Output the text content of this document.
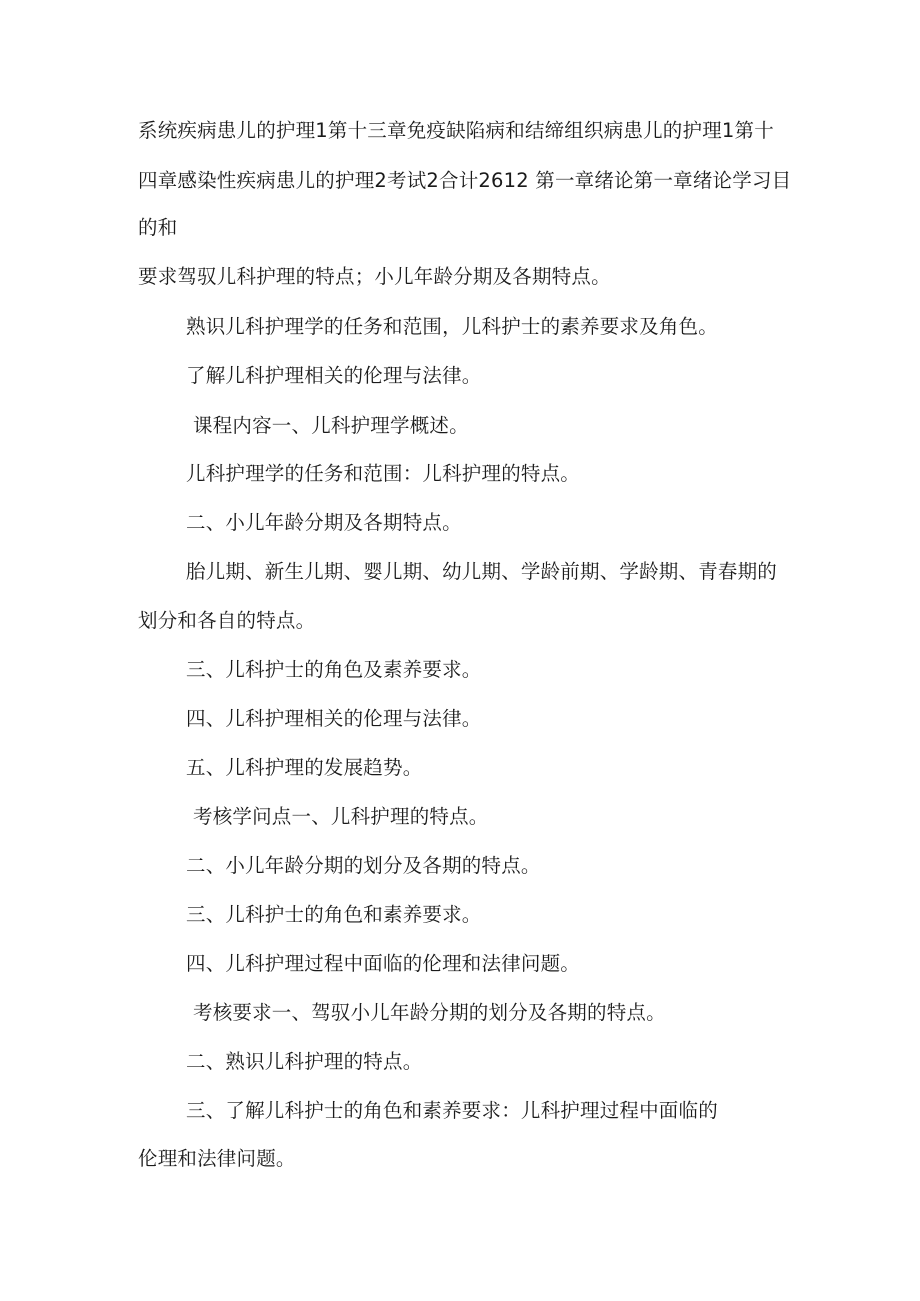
系统疾病患儿的护理1第十三章免疫缺陷病和结缔组织病患儿的护理1第十
四章感染性疾病患儿的护理2考试2合计2612 第一章绪论第一章绪论学习目
的和
要求驾驭儿科护理的特点；小儿年龄分期及各期特点。
熟识儿科护理学的任务和范围，儿科护士的素养要求及角色。
了解儿科护理相关的伦理与法律。
课程内容一、儿科护理学概述。
儿科护理学的任务和范围：儿科护理的特点。
二、小儿年龄分期及各期特点。
胎儿期、新生儿期、婴儿期、幼儿期、学龄前期、学龄期、青春期的
划分和各自的特点。
三、儿科护士的角色及素养要求。
四、儿科护理相关的伦理与法律。
五、儿科护理的发展趋势。
考核学问点一、儿科护理的特点。
二、小儿年龄分期的划分及各期的特点。
三、儿科护士的角色和素养要求。
四、儿科护理过程中面临的伦理和法律问题。
考核要求一、驾驭小儿年龄分期的划分及各期的特点。
二、熟识儿科护理的特点。
三、了解儿科护士的角色和素养要求：儿科护理过程中面临的
伦理和法律问题。
